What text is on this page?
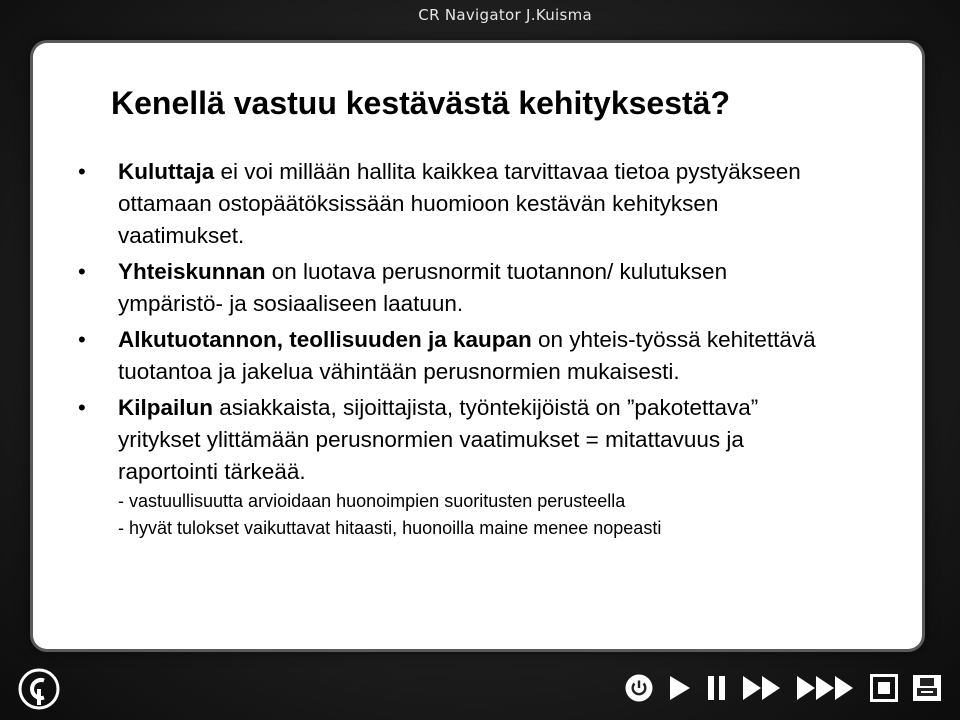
CR Navigator J.Kuisma
Kenellä vastuu kestävästä kehityksestä?
• Kuluttaja ei voi millään hallita kaikkea tarvittavaa tietoa pystyäkseen ottamaan ostopäätöksissään huomioon kestävän kehityksen vaatimukset.
• Yhteiskunnan on luotava perusnormit tuotannon/ kulutuksen ympäristö- ja sosiaaliseen laatuun.
• Alkutuotannon, teollisuuden ja kaupan on yhteis-työssä kehitettävä tuotantoa ja jakelua vähintään perusnormien mukaisesti.
• Kilpailun asiakkaista, sijoittajista, työntekijöistä on ”pakotettava” yritykset ylittämään perusnormien vaatimukset = mitattavuus ja raportointi tärkeää.
- vastuullisuutta arvioidaan huonoimpien suoritusten perusteella
- hyvät tulokset vaikuttavat hitaasti, huonoilla maine menee nopeasti
